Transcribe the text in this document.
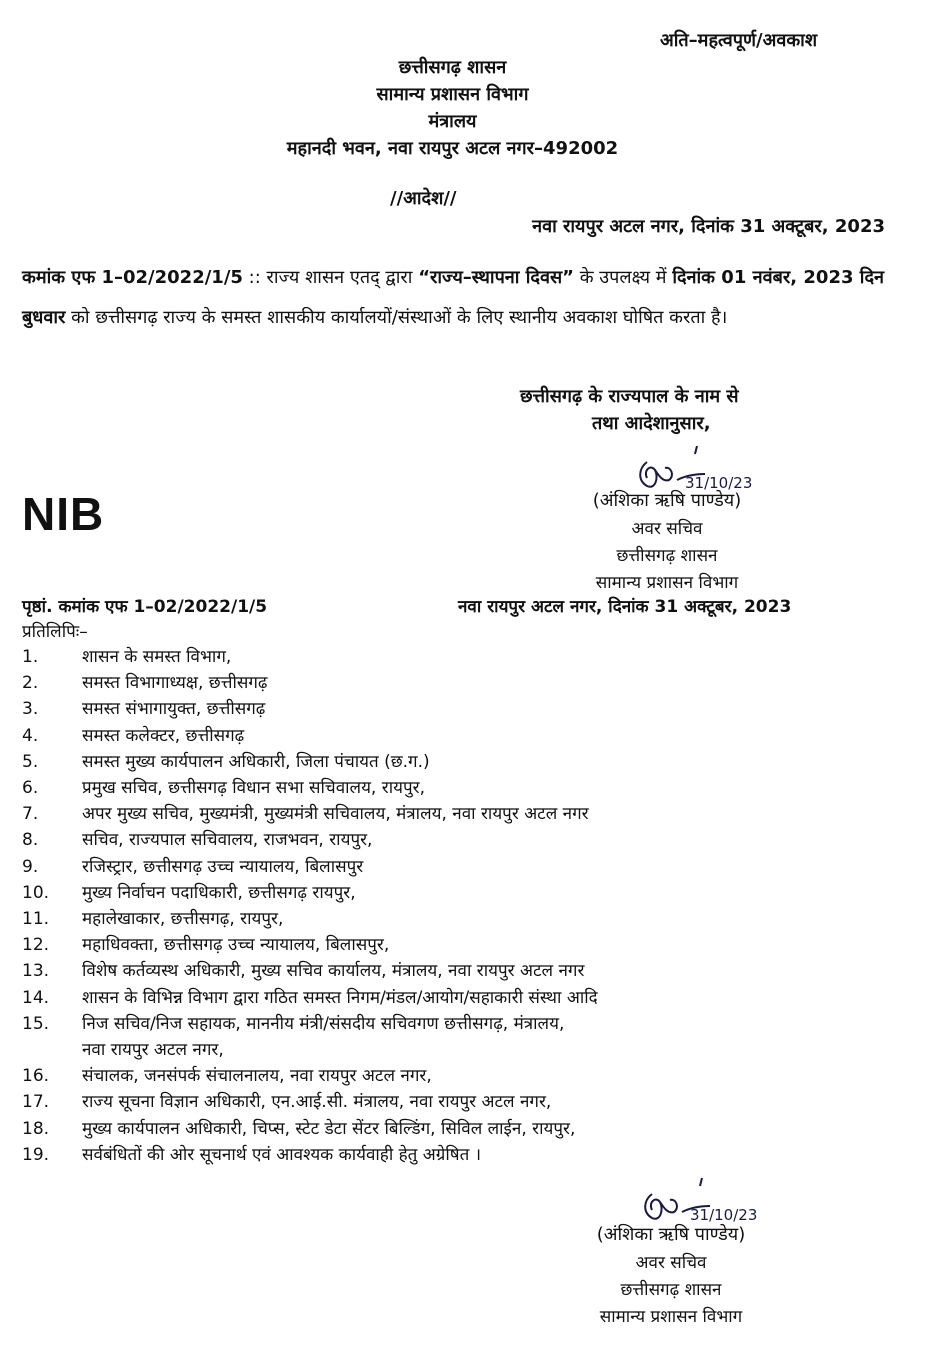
अति–महत्वपूर्ण/अवकाश
छत्तीसगढ़ शासन
सामान्य प्रशासन विभाग
मंत्रालय
महानदी भवन, नवा रायपुर अटल नगर–492002
//आदेश//
नवा रायपुर अटल नगर, दिनांक 31 अक्टूबर, 2023
कमांक एफ 1–02/2022/1/5 :: राज्य शासन एतद् द्वारा “राज्य–स्थापना दिवस” के उपलक्ष्य में दिनांक 01 नवंबर, 2023 दिन बुधवार को छत्तीसगढ़ राज्य के समस्त शासकीय कार्यालयों/संस्थाओं के लिए स्थानीय अवकाश घोषित करता है।
छत्तीसगढ़ के राज्यपाल के नाम से
तथा आदेशानुसार,
NIB
31/10/23
(अंशिका ऋषि पाण्डेय)
अवर सचिव
छत्तीसगढ़ शासन
सामान्य प्रशासन विभाग
पृष्ठां. कमांक एफ 1–02/2022/1/5	नवा रायपुर अटल नगर, दिनांक 31 अक्टूबर, 2023
प्रतिलिपिः–
1.	शासन के समस्त विभाग,
2.	समस्त विभागाध्यक्ष, छत्तीसगढ़
3.	समस्त संभागायुक्त, छत्तीसगढ़
4.	समस्त कलेक्टर, छत्तीसगढ़
5.	समस्त मुख्य कार्यपालन अधिकारी, जिला पंचायत (छ.ग.)
6.	प्रमुख सचिव, छत्तीसगढ़ विधान सभा सचिवालय, रायपुर,
7.	अपर मुख्य सचिव, मुख्यमंत्री, मुख्यमंत्री सचिवालय, मंत्रालय, नवा रायपुर अटल नगर
8.	सचिव, राज्यपाल सचिवालय, राजभवन, रायपुर,
9.	रजिस्ट्रार, छत्तीसगढ़ उच्च न्यायालय, बिलासपुर
10.	मुख्य निर्वाचन पदाधिकारी, छत्तीसगढ़ रायपुर,
11.	महालेखाकार, छत्तीसगढ़, रायपुर,
12.	महाधिवक्ता, छत्तीसगढ़ उच्च न्यायालय, बिलासपुर,
13.	विशेष कर्तव्यस्थ अधिकारी, मुख्य सचिव कार्यालय, मंत्रालय, नवा रायपुर अटल नगर
14.	शासन के विभिन्न विभाग द्वारा गठित समस्त निगम/मंडल/आयोग/सहाकारी संस्था आदि
15.	निज सचिव/निज सहायक, माननीय मंत्री/संसदीय सचिवगण छत्तीसगढ़, मंत्रालय,
नवा रायपुर अटल नगर,
16.	संचालक, जनसंपर्क संचालनालय, नवा रायपुर अटल नगर,
17.	राज्य सूचना विज्ञान अधिकारी, एन.आई.सी. मंत्रालय, नवा रायपुर अटल नगर,
18.	मुख्य कार्यपालन अधिकारी, चिप्स, स्टेट डेटा सेंटर बिल्डिंग, सिविल लाईन, रायपुर,
19.	सर्वबंधितों की ओर सूचनार्थ एवं आवश्यक कार्यवाही हेतु अग्रेषित ।
31/10/23
(अंशिका ऋषि पाण्डेय)
अवर सचिव
छत्तीसगढ़ शासन
सामान्य प्रशासन विभाग
